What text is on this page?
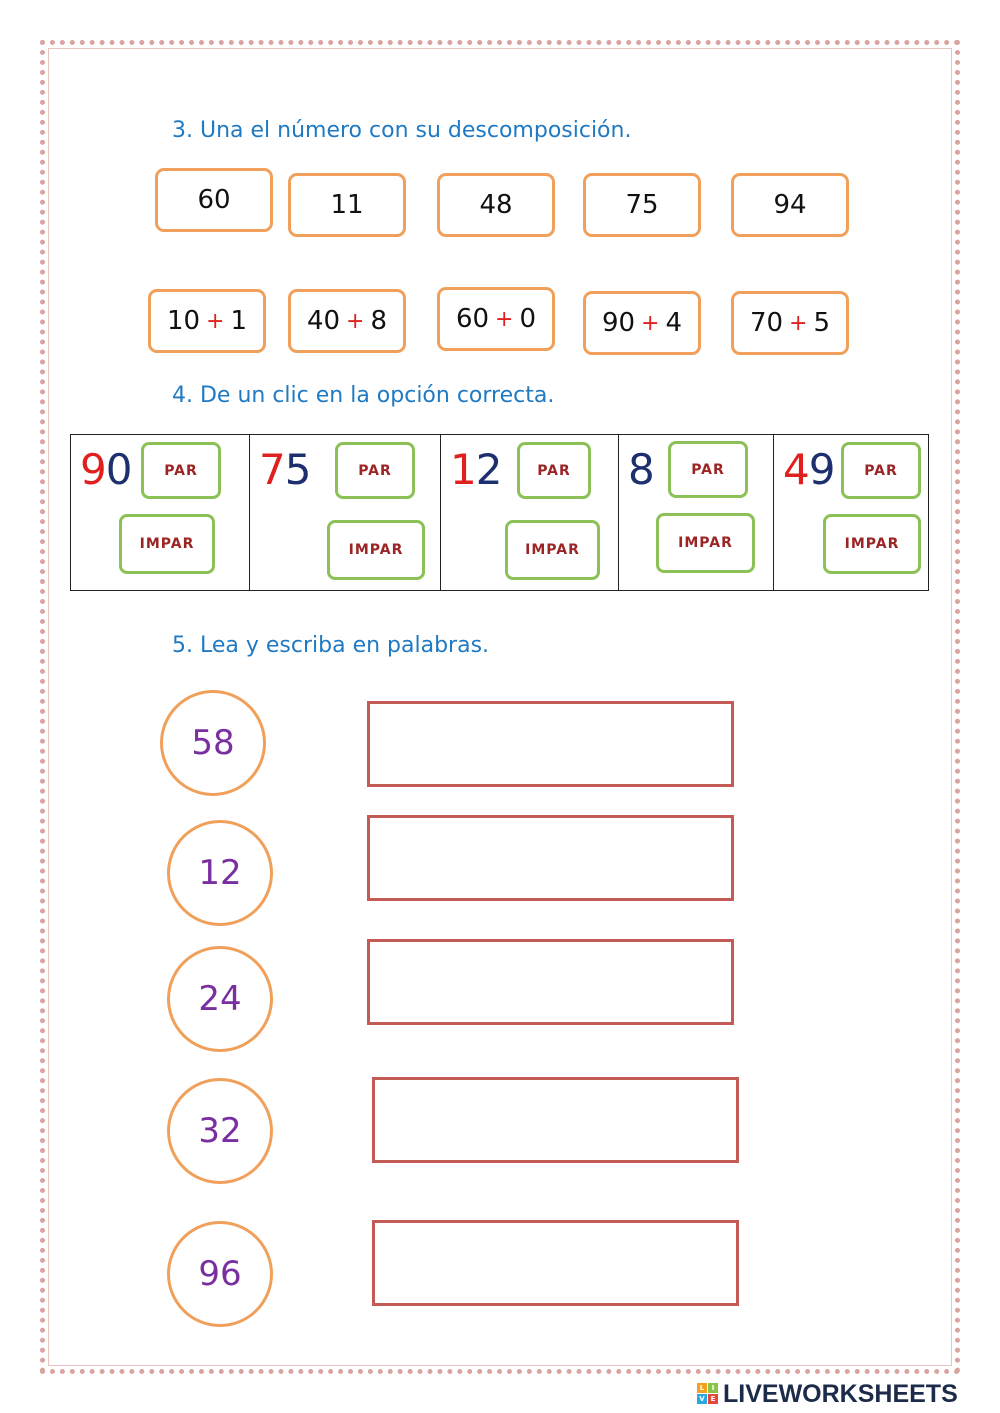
3. Una el número con su descomposición.
60	11	48	75	94
10 + 1 40 + 8	60 + 0	90 + 4	70 + 5
4. De un clic en la opción correcta.
90	PAR
IMPAR
75	PAR
IMPAR
12	PAR
IMPAR
8	PAR
IMPAR
49	PAR
IMPAR
5. Lea y escriba en palabras.
58
12
24
32
96
L	I
V E LIVEWORKSHEETS
